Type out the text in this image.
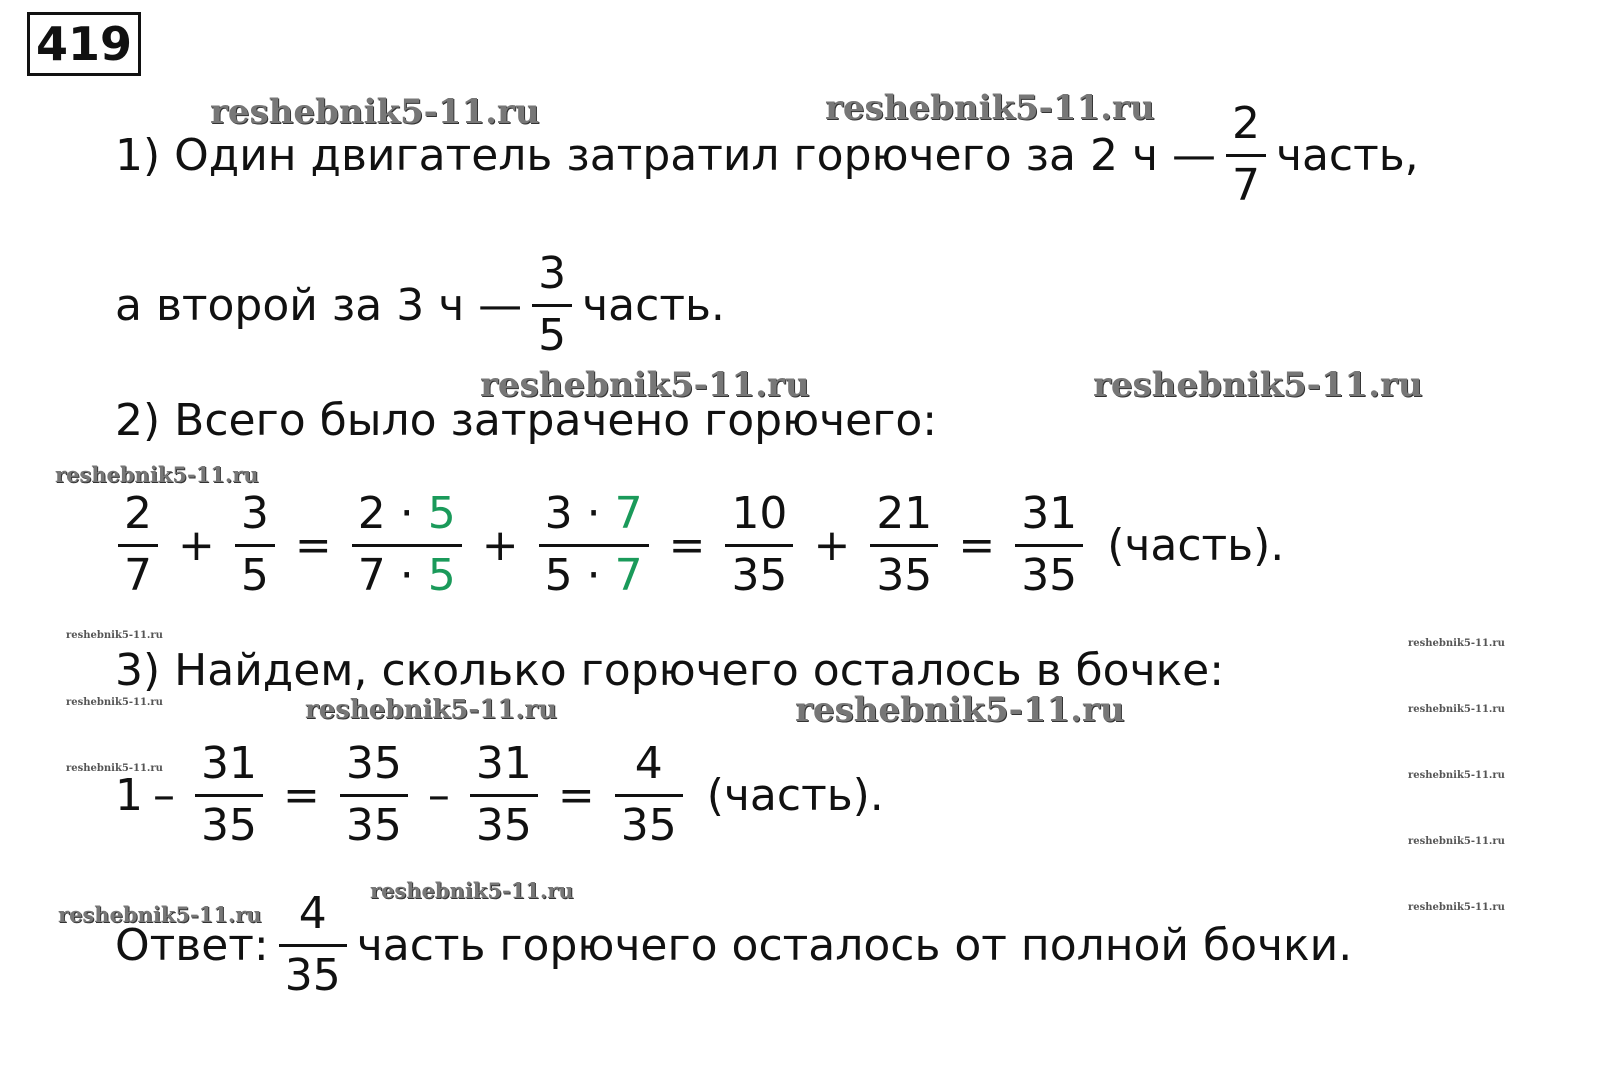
419
1) Один двигатель затратил горючего за 2 ч — $\frac{2}{7}$ часть,
а второй за 3 ч — $\frac{3}{5}$ часть.
2) Всего было затрачено горючего:
$\frac{2}{7} + \frac{3}{5} = \frac{2 \cdot 5}{7 \cdot 5} + \frac{3 \cdot 7}{5 \cdot 7} = \frac{10}{35} + \frac{21}{35} = \frac{31}{35}$ (часть).
3) Найдем, сколько горючего осталось в бочке:
$1 - \frac{31}{35} = \frac{35}{35} - \frac{31}{35} = \frac{4}{35}$ (часть).
Ответ: $\frac{4}{35}$ часть горючего осталось от полной бочки.
reshebnik5-11.ru	reshebnik5-11.ru
reshebnik5-11.ru	reshebnik5-11.ru
reshebnik5-11.ru
reshebnik5-11.ru	reshebnik5-11.ru
reshebnik5-11.ru
reshebnik5-11.ru
reshebnik5-11.ru
reshebnik5-11.ru
reshebnik5-11.ru
reshebnik5-11.ru
reshebnik5-11.ru
reshebnik5-11.ru
reshebnik5-11.ru
reshebnik5-11.ru
